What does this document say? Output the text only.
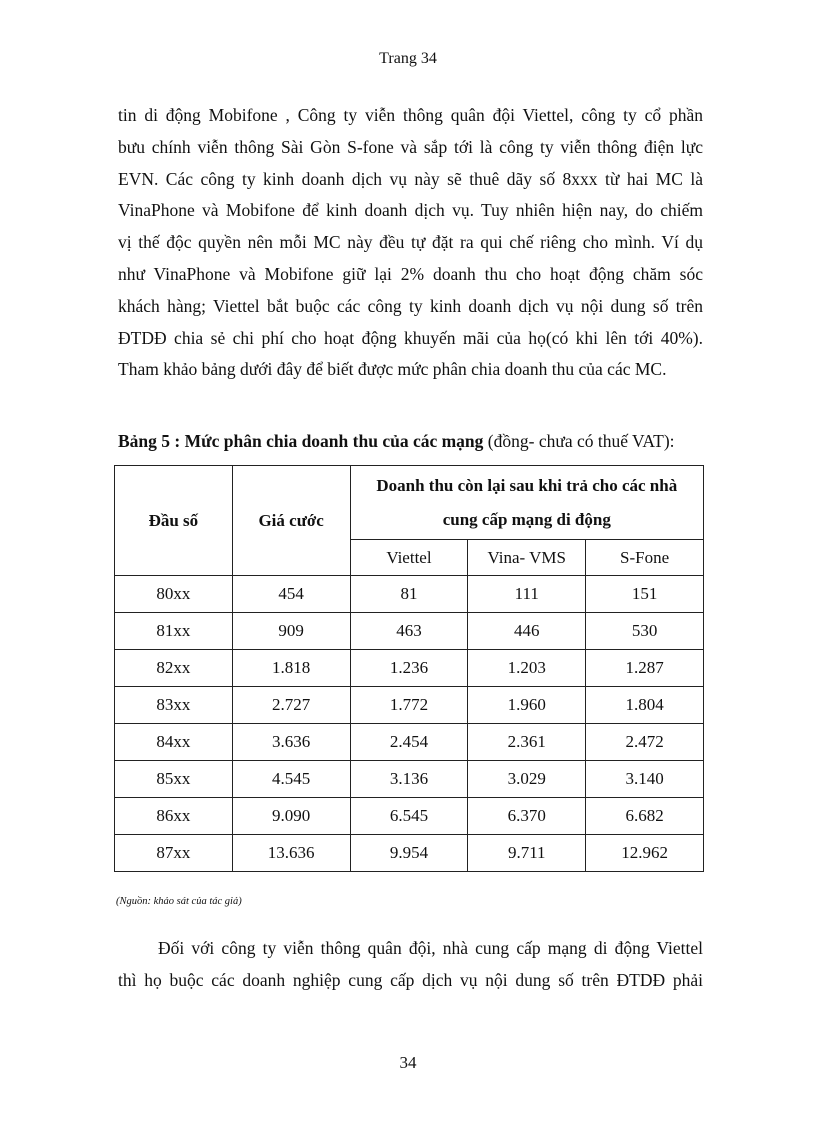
Trang 34
tin di động Mobifone , Công ty viễn thông quân đội Viettel, công ty cổ phần
bưu chính viễn thông Sài Gòn S-fone và sắp tới là công ty viễn thông điện lực
EVN. Các công ty kinh doanh dịch vụ này sẽ thuê dãy số 8xxx từ hai MC là
VinaPhone và Mobifone để kinh doanh dịch vụ. Tuy nhiên hiện nay, do chiếm
vị thế độc quyền nên mỗi MC này đều tự đặt ra qui chế riêng cho mình. Ví dụ
như VinaPhone và Mobifone giữ lại 2% doanh thu cho hoạt động chăm sóc
khách hàng; Viettel bắt buộc các công ty kinh doanh dịch vụ nội dung số trên
ĐTDĐ chia sẻ chi phí cho hoạt động khuyến mãi của họ(có khi lên tới 40%).
Tham khảo bảng dưới đây để biết được mức phân chia doanh thu của các MC.
Bảng 5 : Mức phân chia doanh thu của các mạng (đồng- chưa có thuế VAT):
Đầu số	Giá cước	Doanh thu còn lại sau khi trả cho các nhà
cung cấp mạng di động		
		Viettel	Vina- VMS	S-Fone
80xx	454	81	111	151
81xx	909	463	446	530
82xx	1.818	1.236	1.203	1.287
83xx	2.727	1.772	1.960	1.804
84xx	3.636	2.454	2.361	2.472
85xx	4.545	3.136	3.029	3.140
86xx	9.090	6.545	6.370	6.682
87xx	13.636	9.954	9.711	12.962
(Nguồn: khảo sát của tác giả)
Đối với công ty viễn thông quân đội, nhà cung cấp mạng di động Viettel
thì họ buộc các doanh nghiệp cung cấp dịch vụ nội dung số trên ĐTDĐ phải
34
